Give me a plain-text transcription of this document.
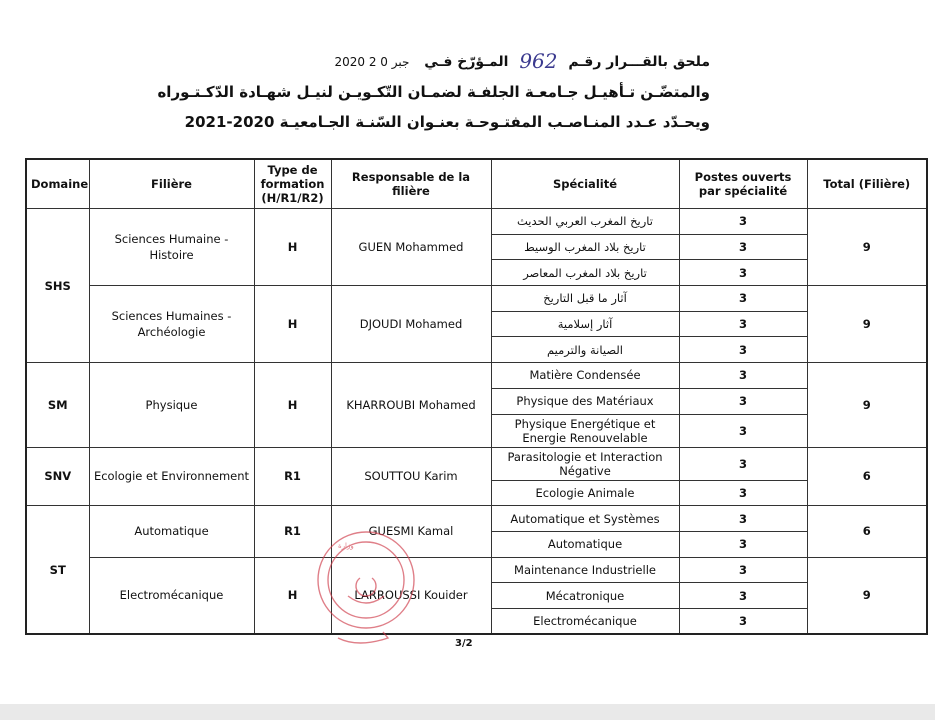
ملحق بالقـــرار رقـم 962 المـؤرّخ فـي 2020 جبر 0 2
والمتضّـن تـأهيـل جـامعـة الجلفـة لضمـان التّكـويـن لنيـل شهـادة الدّكـتـوراه
ويحـدّد عـدد المنـاصـب المفتـوحـة بعنـوان السّنـة الجـامعيـة 2020-2021
Domaine	Filière	Type de formation (H/R1/R2)	Responsable de la filière	Spécialité	Postes ouverts par spécialité	Total (Filière)
SHS	Sciences Humaine - Histoire	H	GUEN Mohammed	تاريخ المغرب العربي الحديث	3	9
				تاريخ بلاد المغرب الوسيط	3	
				تاريخ بلاد المغرب المعاصر	3	
	Sciences Humaines - Archéologie	H	DJOUDI Mohamed	آثار ما قبل التاريخ	3	9
				آثار إسلامية	3	
				الصيانة والترميم	3	
SM	Physique	H	KHARROUBI Mohamed	Matière Condensée	3	9
				Physique des Matériaux	3	
				Physique Energétique et Energie Renouvelable	3	
SNV	Ecologie et Environnement	R1	SOUTTOU Karim	Parasitologie et Interaction Négative	3	6
				Ecologie Animale	3	
ST	Automatique	R1	GUESMI Kamal	Automatique et Systèmes	3	6
				Automatique	3	
	Electromécanique	H	LARROUSSI Kouider	Maintenance Industrielle	3	9
				Mécatronique	3	
				Electromécanique	3	
ﻭﺯﺍﺭﺓ
3/2
